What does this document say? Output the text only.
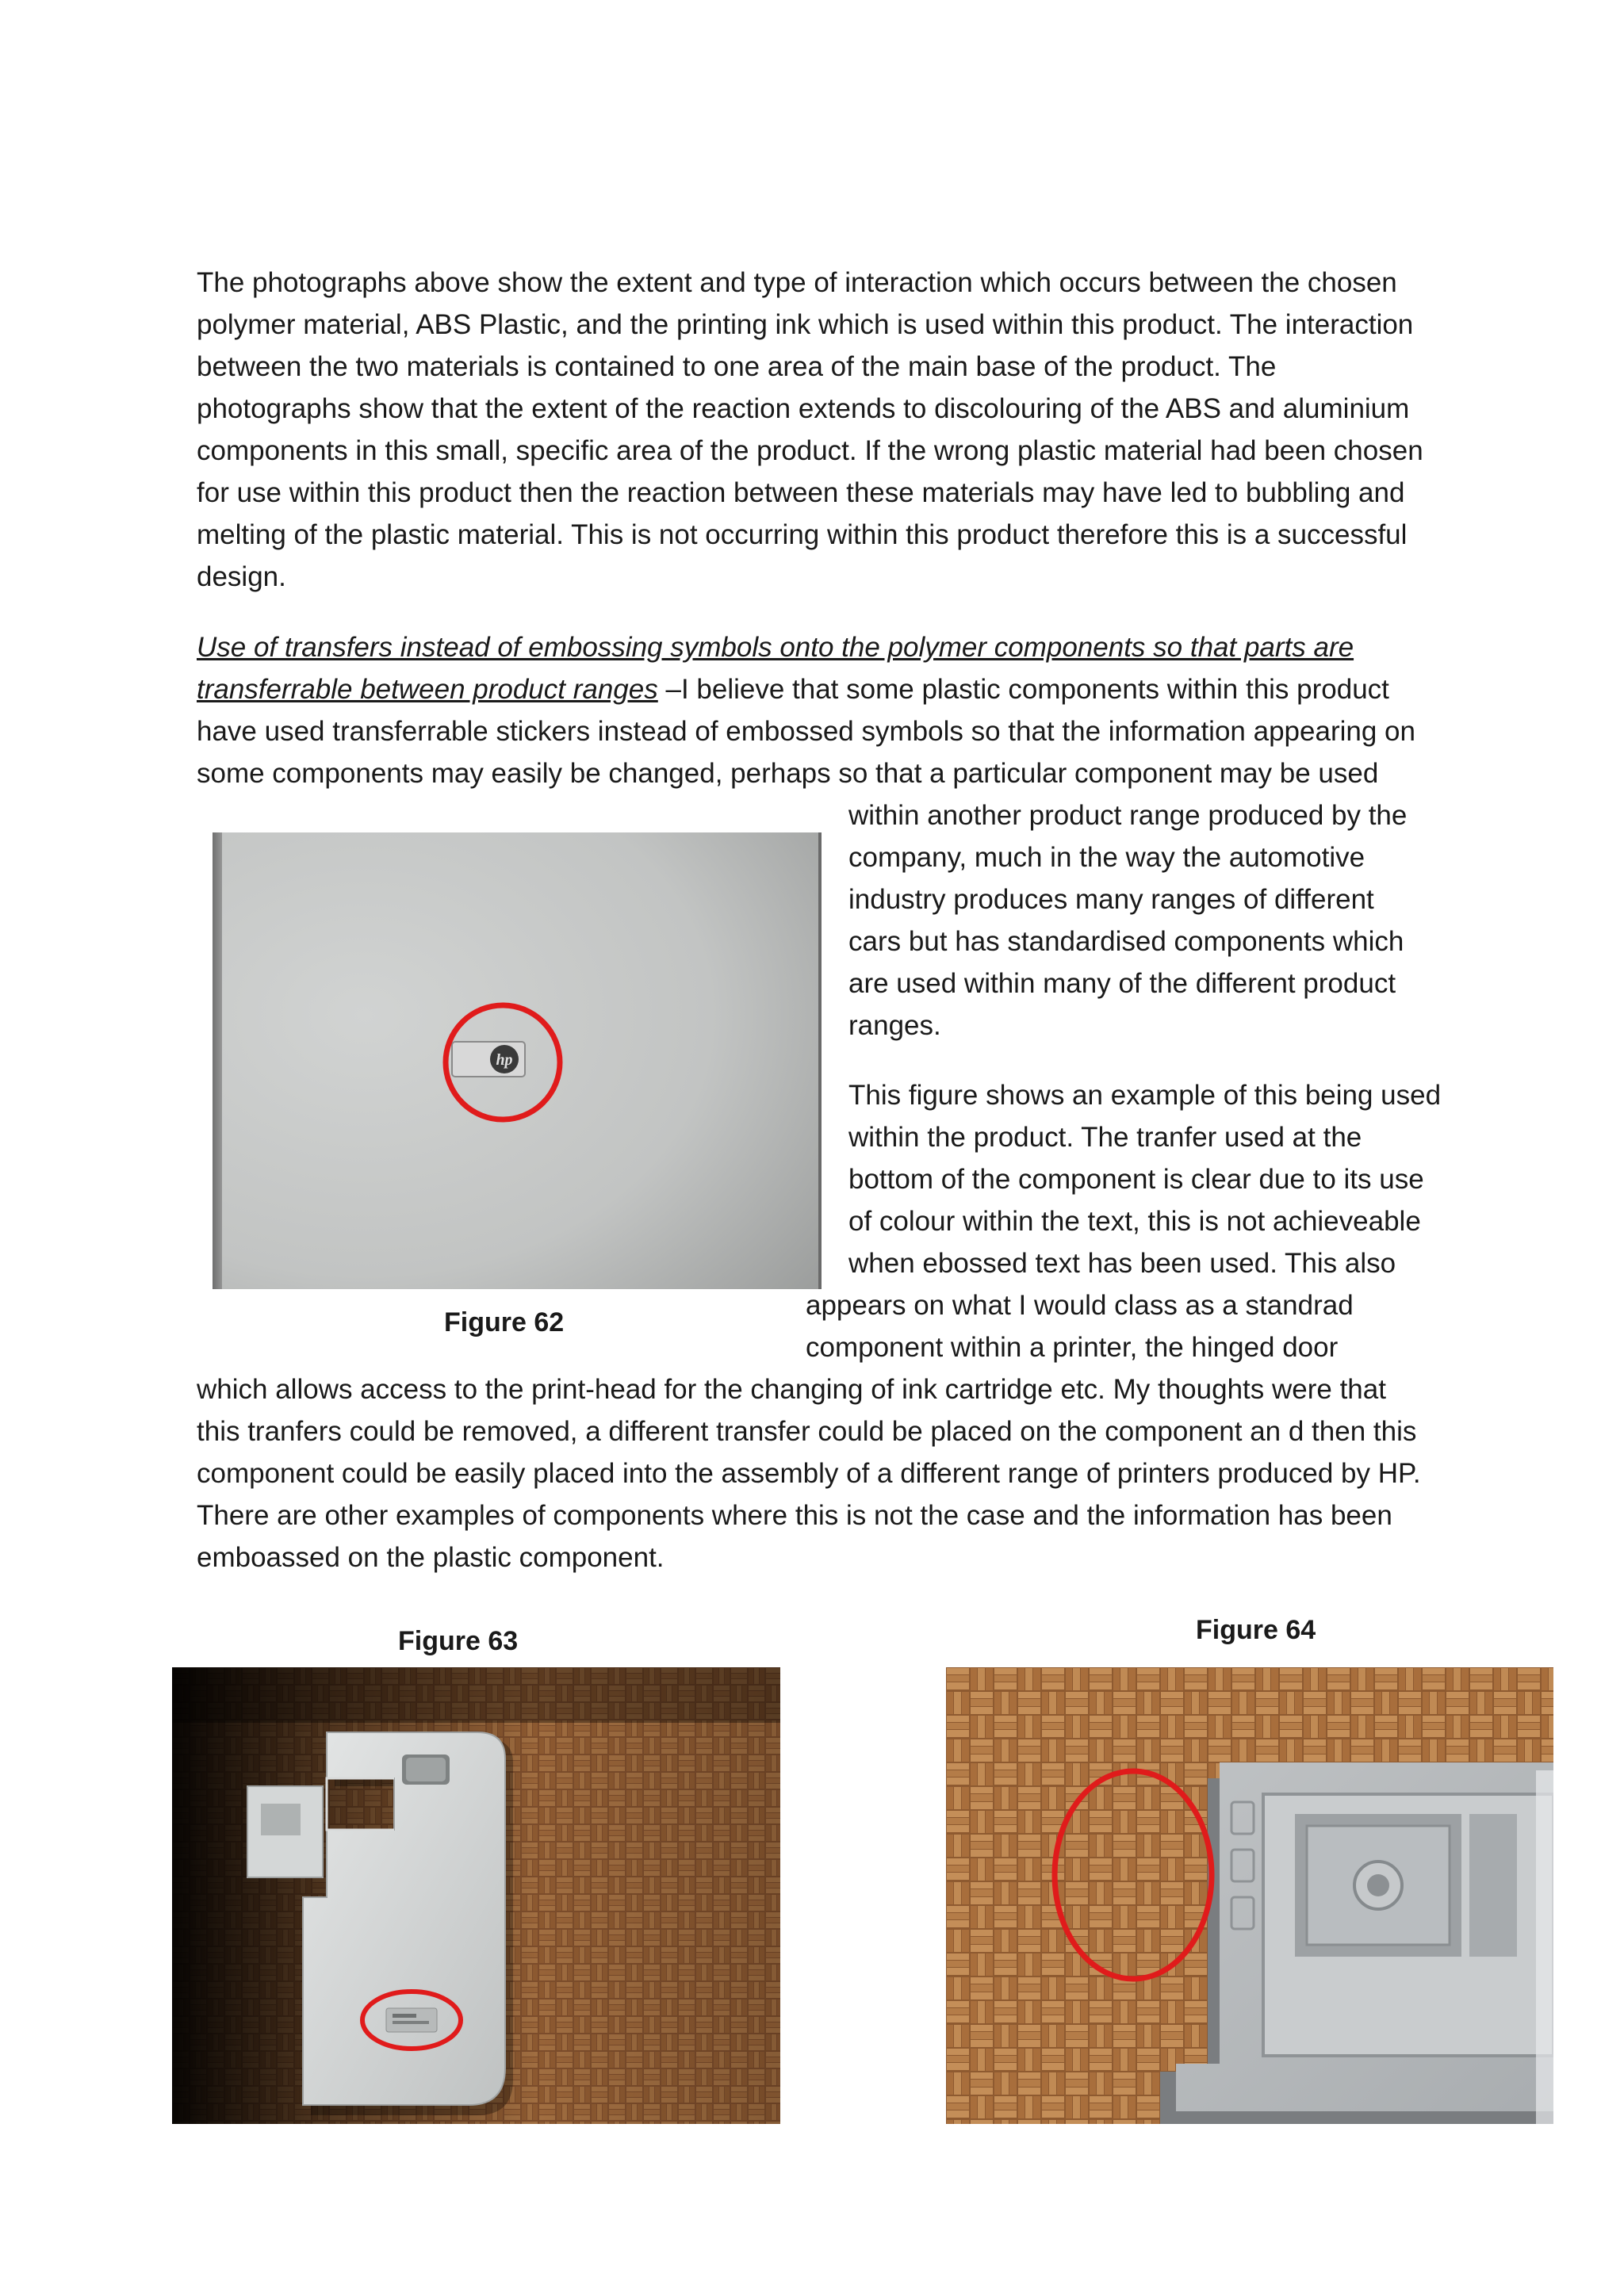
The photographs above show the extent and type of interaction which occurs between the chosen
polymer material, ABS Plastic, and the printing ink which is used within this product. The interaction
between the two materials is contained to one area of the main base of the product. The
photographs show that the extent of the reaction extends to discolouring of the ABS and aluminium
components in this small, specific area of the product. If the wrong plastic material had been chosen
for use within this product then the reaction between these materials may have led to bubbling and
melting of the plastic material. This is not occurring within this product therefore this is a successful
design.
Use of transfers instead of embossing symbols onto the polymer components so that parts are
transferrable between product ranges –I believe that some plastic components within this product
have used transferrable stickers instead of embossed symbols so that the information appearing on
some components may easily be changed, perhaps so that a particular component may be used
within another product range produced by the
company, much in the way the automotive
industry produces many ranges of different
cars but has standardised components which
are used within many of the different product
ranges.
This figure shows an example of this being used
within the product. The tranfer used at the
bottom of the component is clear due to its use
of colour within the text, this is not achieveable
when ebossed text has been used. This also
appears on what I would class as a standrad
component within a printer, the hinged door
which allows access to the print-head for the changing of ink cartridge etc. My thoughts were that
this tranfers could be removed, a different transfer could be placed on the component an d then this
component could be easily placed into the assembly of a different range of printers produced by HP.
There are other examples of components where this is not the case and the information has been
emboassed on the plastic component.
hp
Figure 62
Figure 63	Figure 64
